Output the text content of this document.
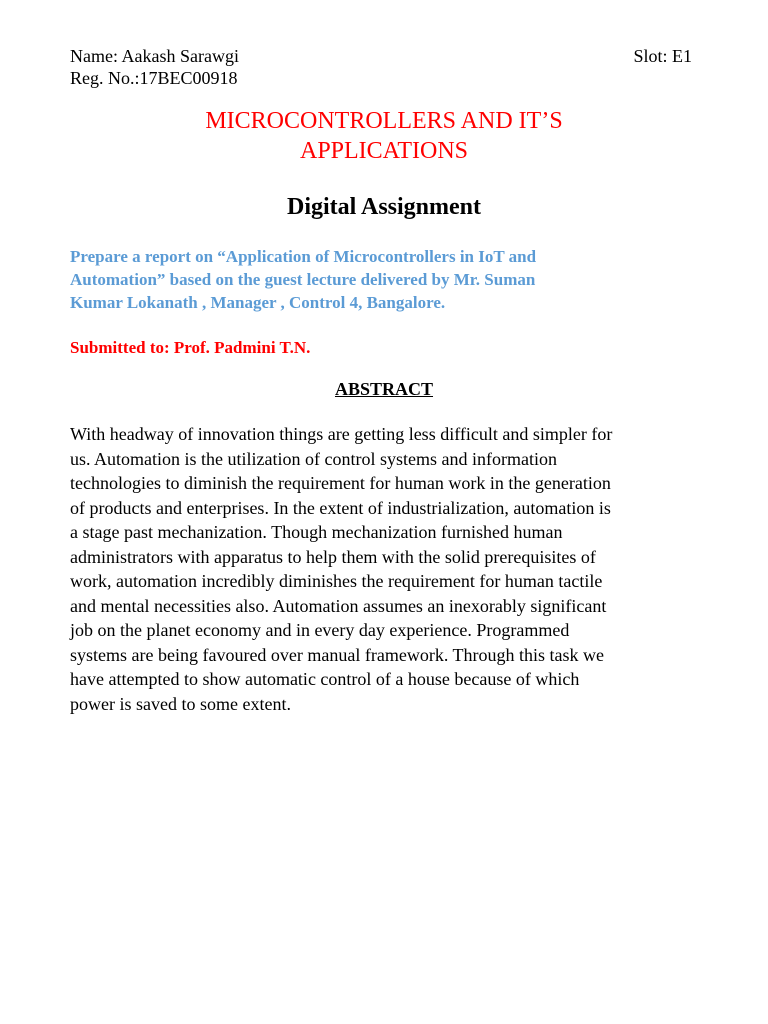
Name: Aakash Sarawgi	Slot: E1
Reg. No.:17BEC00918
MICROCONTROLLERS AND IT’S
APPLICATIONS
Digital Assignment
Prepare a report on “Application of Microcontrollers in IoT and
Automation” based on the guest lecture delivered by Mr. Suman
Kumar Lokanath , Manager , Control 4, Bangalore.
Submitted to: Prof. Padmini T.N.
ABSTRACT
With headway of innovation things are getting less difficult and simpler for
us. Automation is the utilization of control systems and information
technologies to diminish the requirement for human work in the generation
of products and enterprises. In the extent of industrialization, automation is
a stage past mechanization. Though mechanization furnished human
administrators with apparatus to help them with the solid prerequisites of
work, automation incredibly diminishes the requirement for human tactile
and mental necessities also. Automation assumes an inexorably significant
job on the planet economy and in every day experience. Programmed
systems are being favoured over manual framework. Through this task we
have attempted to show automatic control of a house because of which
power is saved to some extent.
